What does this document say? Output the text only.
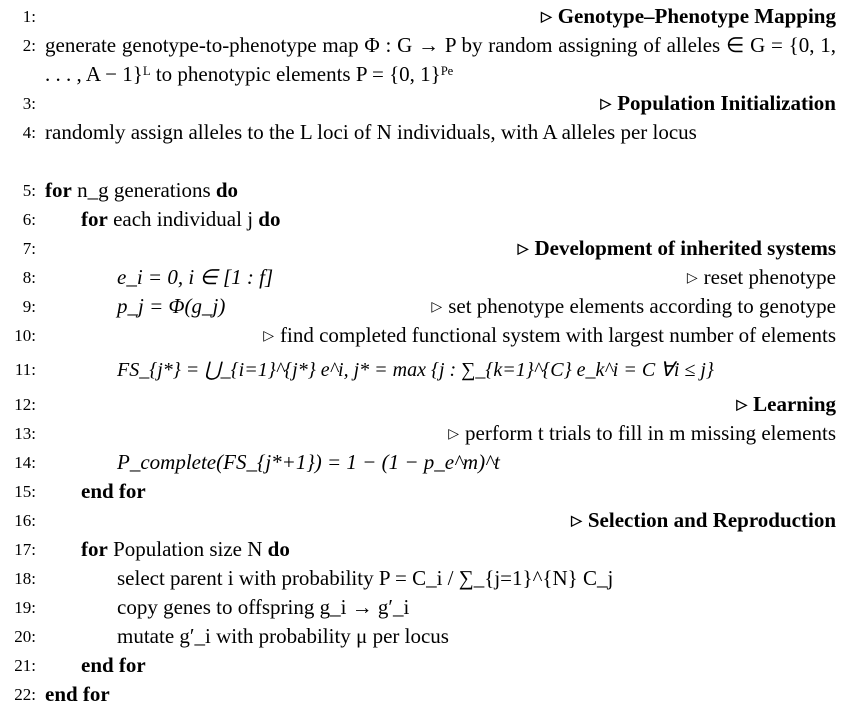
1:	▷ Genotype–Phenotype Mapping
2: generate genotype-to-phenotype map Φ : G → P by random assigning of alleles ∈ G = {0, 1, . . . , A − 1}ᴸ to phenotypic elements P = {0, 1}ᴾᵉ
3:	▷ Population Initialization
4: randomly assign alleles to the L loci of N individuals, with A alleles per locus
5: for n_g generations do
6: for each individual j do
7:	▷ Development of inherited systems
8:	e_i = 0, i ∈ [1 : f]	▷ reset phenotype
9:	p_j = Φ(g_j)	▷ set phenotype elements according to genotype
10:	▷ find completed functional system with largest number of elements
11:	FS_{j*} = ⋃_{i=1}^{j*} e^i, j* = max {j : ∑_{k=1}^{C} e_k^i = C ∀i ≤ j}
12:	▷ Learning
13:	▷ perform t trials to fill in m missing elements
14:	P_complete(FS_{j*+1}) = 1 − (1 − p_e^m)^t
15: end for
16:	▷ Selection and Reproduction
17: for Population size N do
18:	select parent i with probability P = C_i / ∑_{j=1}^{N} C_j
19:	copy genes to offspring g_i → g′_i
20:	mutate g′_i with probability μ per locus
21: end for
22: end for
